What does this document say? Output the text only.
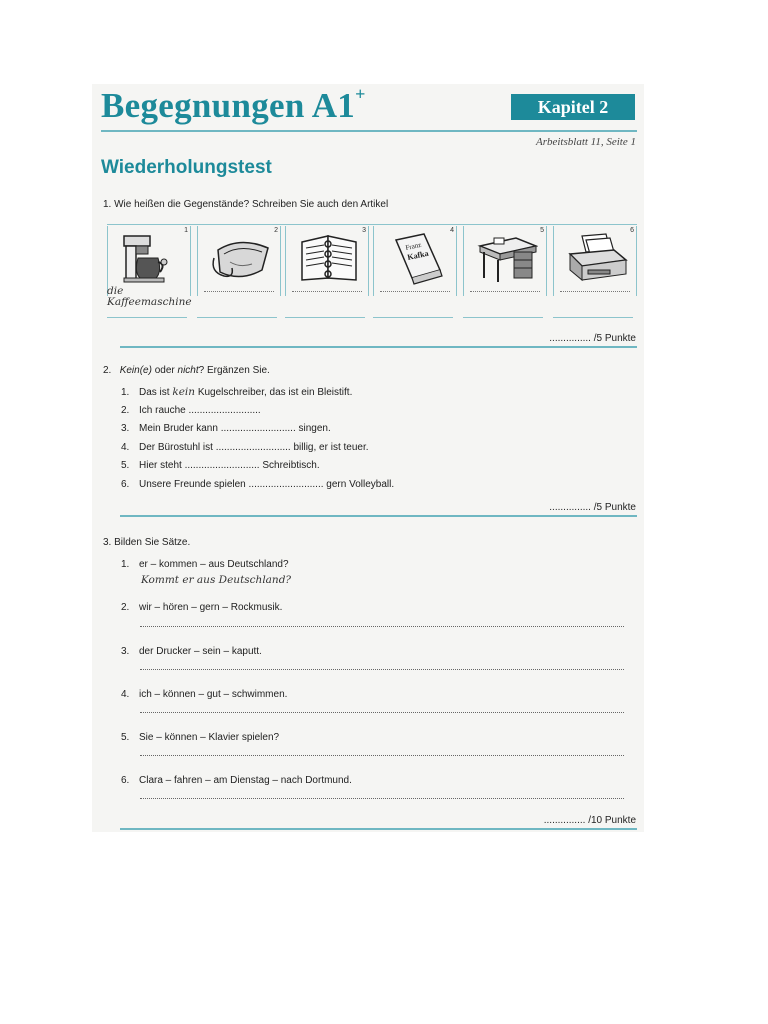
Begegnungen A1+
Kapitel 2
Arbeitsblatt 11, Seite 1
Wiederholungstest
1. Wie heißen die Gegenstände? Schreiben Sie auch den Artikel
1	2	3	4
Franz
Kafka
5	6
die
Kaffeemaschine
............... /5 Punkte
2. Kein(e) oder nicht? Ergänzen Sie.
1. Das ist kein Kugelschreiber, das ist ein Bleistift.
2. Ich rauche ..........................
3. Mein Bruder kann ........................... singen.
4. Der Bürostuhl ist ........................... billig, er ist teuer.
5. Hier steht ........................... Schreibtisch.
6. Unsere Freunde spielen ........................... gern Volleyball.
............... /5 Punkte
3. Bilden Sie Sätze.
1. er – kommen – aus Deutschland?
Kommt er aus Deutschland?
2. wir – hören – gern – Rockmusik.
3. der Drucker – sein – kaputt.
4. ich – können – gut – schwimmen.
5. Sie – können – Klavier spielen?
6. Clara – fahren – am Dienstag – nach Dortmund.
............... /10 Punkte
